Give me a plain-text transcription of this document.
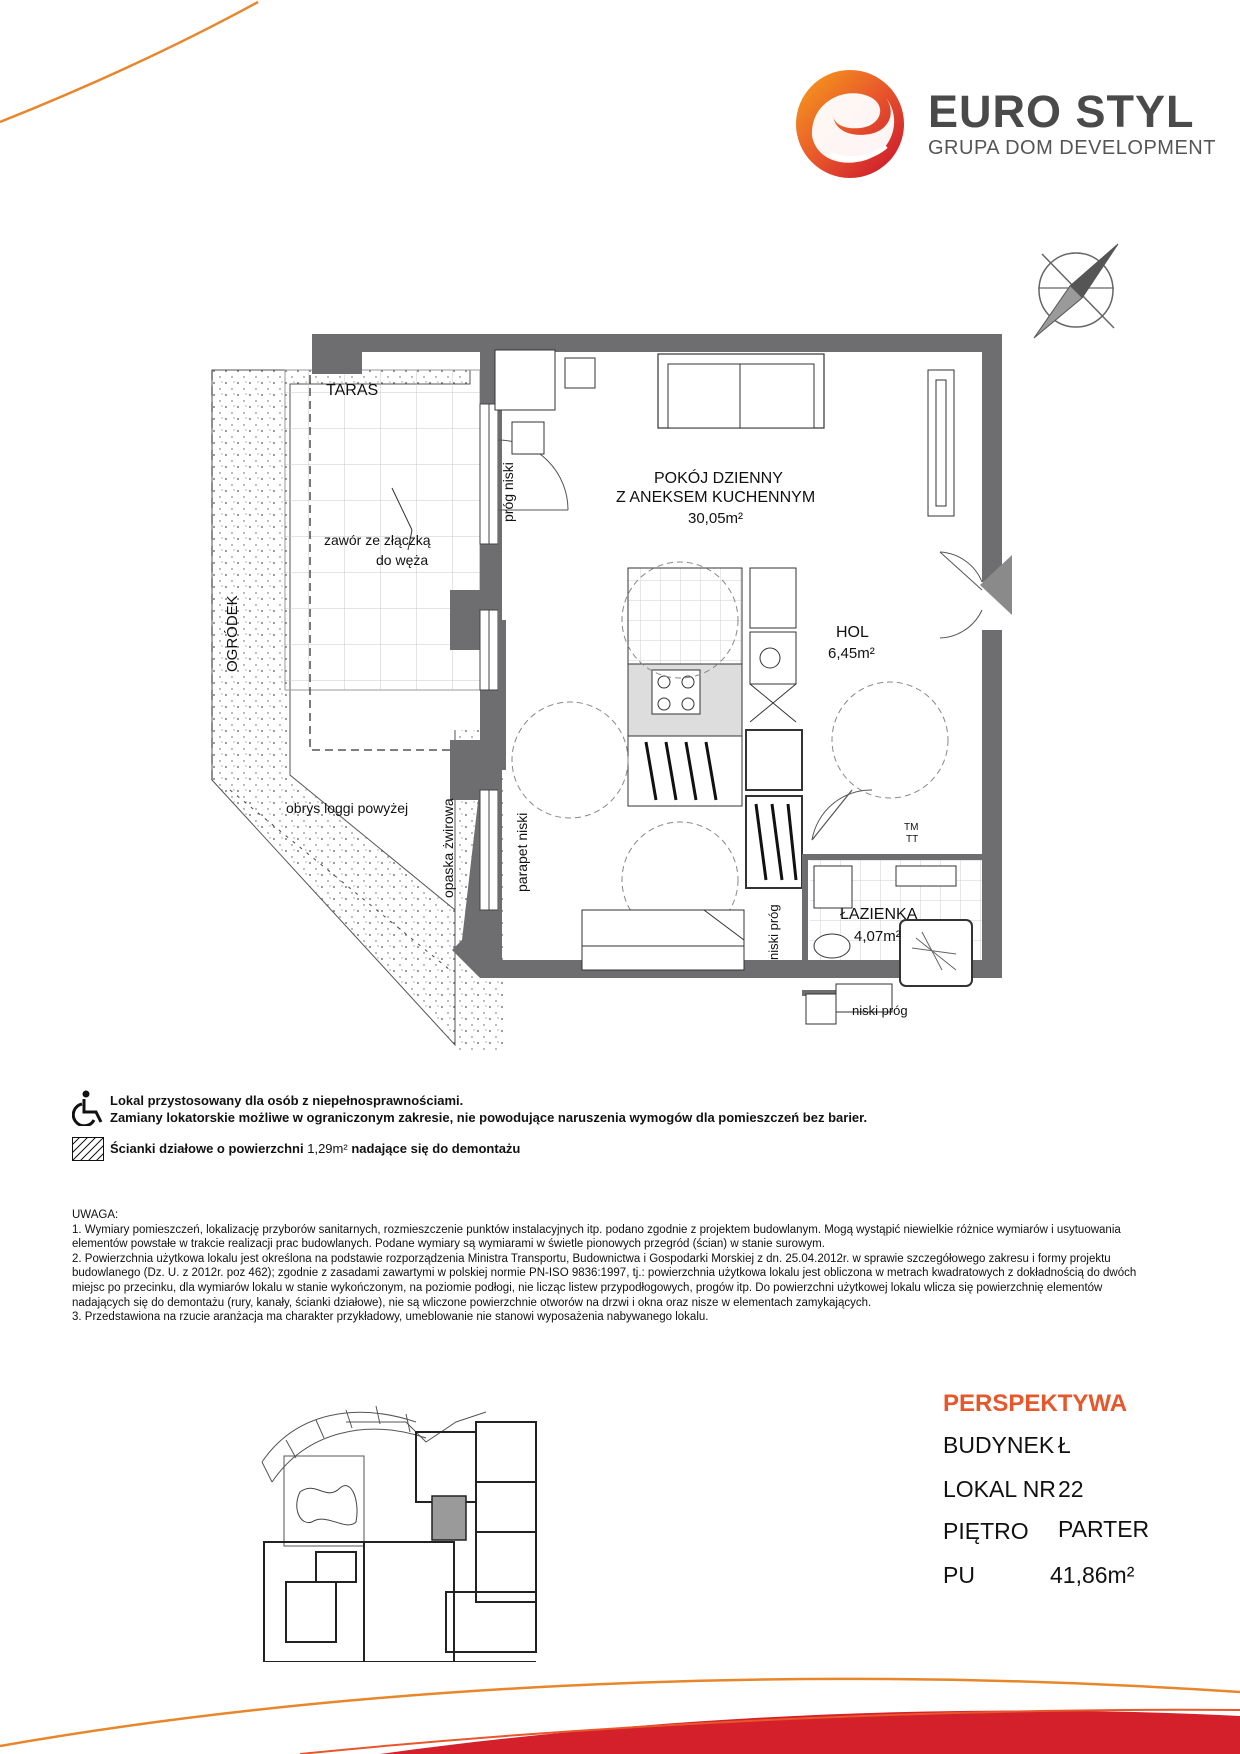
EURO STYL
GRUPA DOM DEVELOPMENT
TARAS
OGRÓDEK
zawór ze złączką
do węża
obrys loggi powyżej opaska żwirowa	parapet niski
próg niski	POKÓJ DZIENNY
Z ANEKSEM KUCHENNYM
30,05m²
HOL
6,45m²
ŁAZIENKA
4,07m²
niski próg
niski próg
TM
TT
Lokal przystosowany dla osób z niepełnosprawnościami.
Zamiany lokatorskie możliwe w ograniczonym zakresie, nie powodujące naruszenia wymogów dla pomieszczeń bez barier.
Ścianki działowe o powierzchni 1,29m² nadające się do demontażu

UWAGA:

1. Wymiary pomieszczeń, lokalizację przyborów sanitarnych, rozmieszczenie punktów instalacyjnych itp. podano zgodnie z projektem budowlanym. Mogą wystąpić niewielkie różnice wymiarów i usytuowania elementów powstałe w trakcie realizacji prac budowlanych. Podane wymiary są wymiarami w świetle pionowych przegród (ścian) w stanie surowym.

2. Powierzchnia użytkowa lokalu jest określona na podstawie rozporządzenia Ministra Transportu, Budownictwa i Gospodarki Morskiej z dn. 25.04.2012r. w sprawie szczegółowego zakresu i formy projektu budowlanego (Dz. U. z 2012r. poz 462); zgodnie z zasadami zawartymi w polskiej normie PN-ISO 9836:1997, tj.: powierzchnia użytkowa lokalu jest obliczona w metrach kwadratowych z dokładnością do dwóch miejsc po przecinku, dla wymiarów lokalu w stanie wykończonym, na poziomie podłogi, nie licząc listew przypodłogowych, progów itp. Do powierzchni użytkowej lokalu wlicza się powierzchnię elementów nadających się do demontażu (rury, kanały, ścianki działowe), nie są wliczone powierzchnie otworów na drzwi i okna oraz nisze w elementach zamykających.

3. Przedstawiona na rzucie aranżacja ma charakter przykładowy, umeblowanie nie stanowi wyposażenia nabywanego lokalu.

PERSPEKTYWA
BUDYNEK Ł
LOKAL NR 22
PIĘTRO PARTER
PU	41,86m²
